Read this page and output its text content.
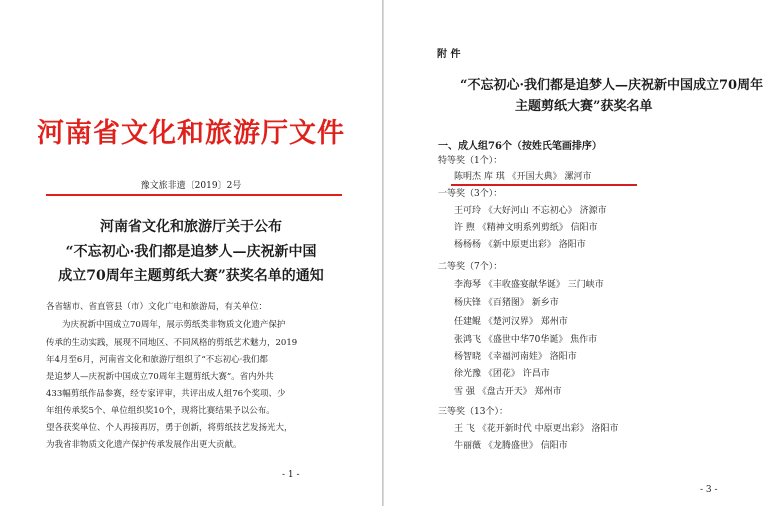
河南省文化和旅游厅文件
豫文旅非遗〔2019〕2号
河南省文化和旅游厅关于公布
“不忘初心·我们都是追梦人—庆祝新中国
成立70周年主题剪纸大赛”获奖名单的通知
各省辖市、省直管县（市）文化广电和旅游局，有关单位：
为庆祝新中国成立70周年，展示剪纸类非物质文化遗产保护
传承的生动实践，展现不同地区、不同风格的剪纸艺术魅力，2019
年4月至6月，河南省文化和旅游厅组织了“不忘初心·我们都
是追梦人—庆祝新中国成立70周年主题剪纸大赛”。省内外共
433幅剪纸作品参赛，经专家评审，共评出成人组76个奖项、少
年组传承奖5个、单位组织奖10个，现将比赛结果予以公布。
望各获奖单位、个人再接再厉，勇于创新，将剪纸技艺发扬光大，
为我省非物质文化遗产保护传承发展作出更大贡献。
- 1 -
附 件
“不忘初心·我们都是追梦人—庆祝新中国成立70周年
主题剪纸大赛”获奖名单
一、成人组76个（按姓氏笔画排序）
特等奖（1个）：
陈明杰 库 琪 《开国大典》 漯河市
一等奖（3个）：
王可玲 《大好河山 不忘初心》 济源市
许 煦 《精神文明系列剪纸》 信阳市
杨杨杨 《新中原更出彩》 洛阳市
二等奖（7个）：
李海琴 《丰收盛宴献华诞》 三门峡市
杨庆锋 《百猪图》 新乡市
任建鲲 《楚河汉界》 郑州市
张鸿飞 《盛世中华70华诞》 焦作市
杨智晓 《幸福河南娃》 洛阳市
徐光豫 《团花》 许昌市
雪 强 《盘古开天》 郑州市
三等奖（13个）：
王 飞 《花开新时代 中原更出彩》 洛阳市
牛丽薇 《龙腾盛世》 信阳市
- 3 -
